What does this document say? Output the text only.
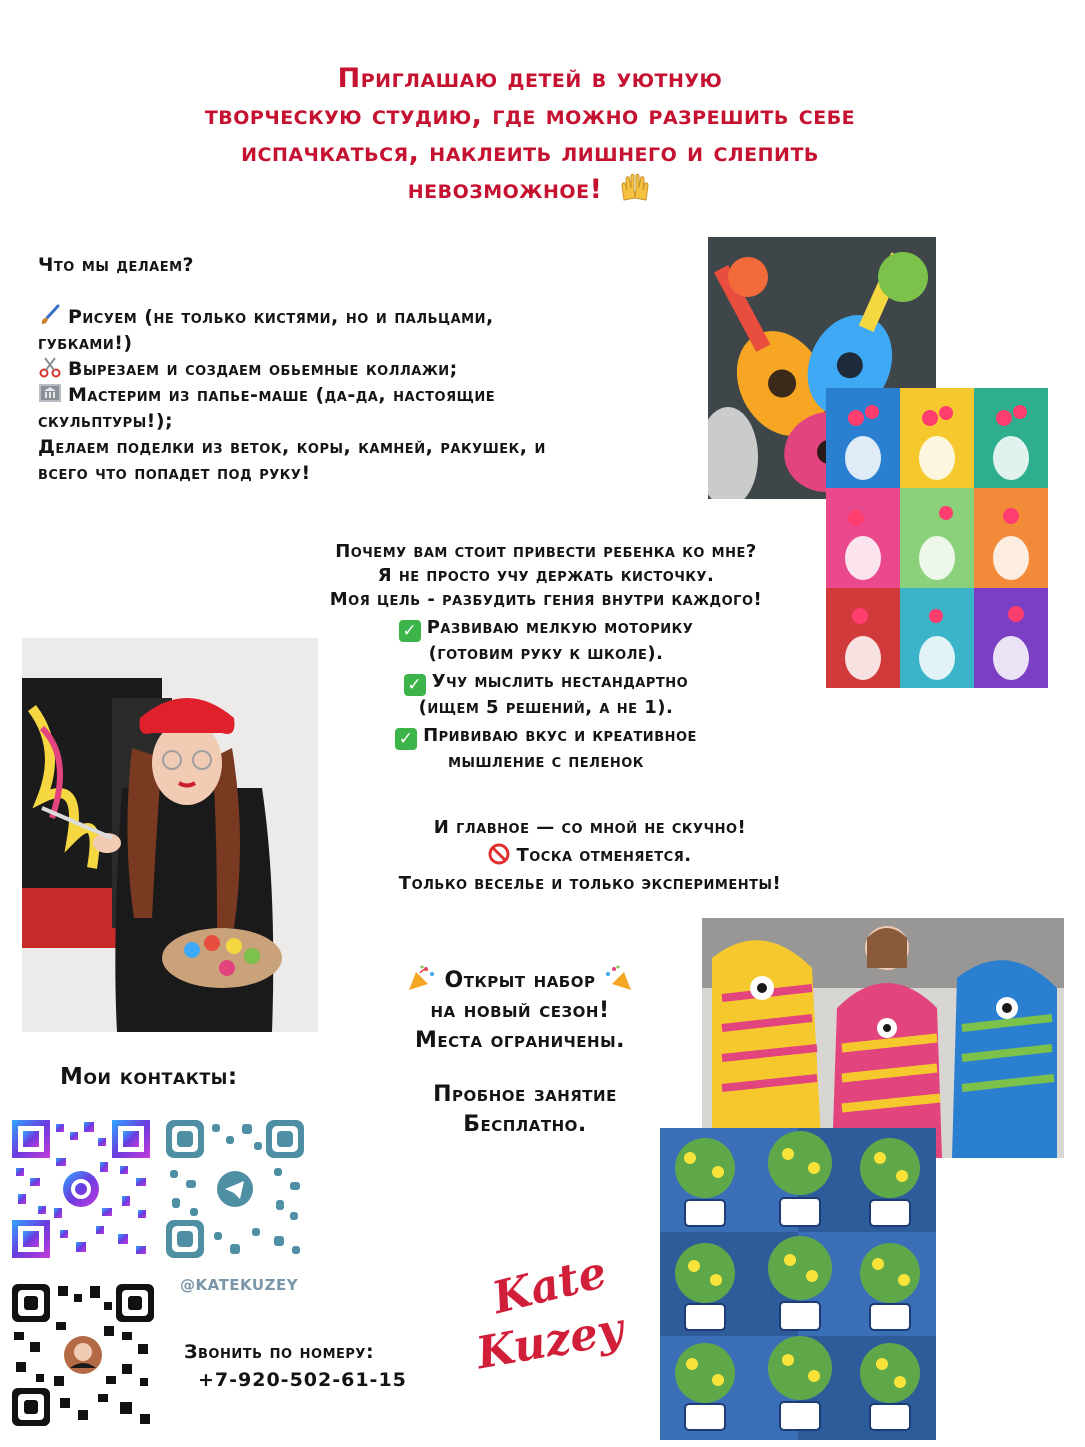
Приглашаю детей в уютную
творческую студию, где можно разрешить себе
испачкаться, наклеить лишнего и слепить
невозможное!
Что мы делаем?
Рисуем (не только кистями, но и пальцами,
губками!)
Вырезаем и создаем обьемные коллажи;
Мастерим из папье-маше (да-да, настоящие
скульптуры!);
Делаем поделки из веток, коры, камней, ракушек, и
всего что попадет под руку!
Почему вам стоит привести ребенка ко мне?
Я не просто учу держать кисточку.
Моя цель - разбудить гения внутри каждого!
✓ Развиваю мелкую моторику
(готовим руку к школе).
✓ Учу мыслить нестандартно
(ищем 5 решений, а не 1).
✓ Прививаю вкус и креативное
мышление с пеленок
И главное — со мной не скучно!
Тоска отменяется.
Только веселье и только эксперименты!
Открыт набор
на новый сезон!
Места ограничены.
Пробное занятие
Бесплатно.
Мои контакты:
@KATEKUZEY
Звонить по номеру:
+7-920-502-61-15
Kate
Kuzey
